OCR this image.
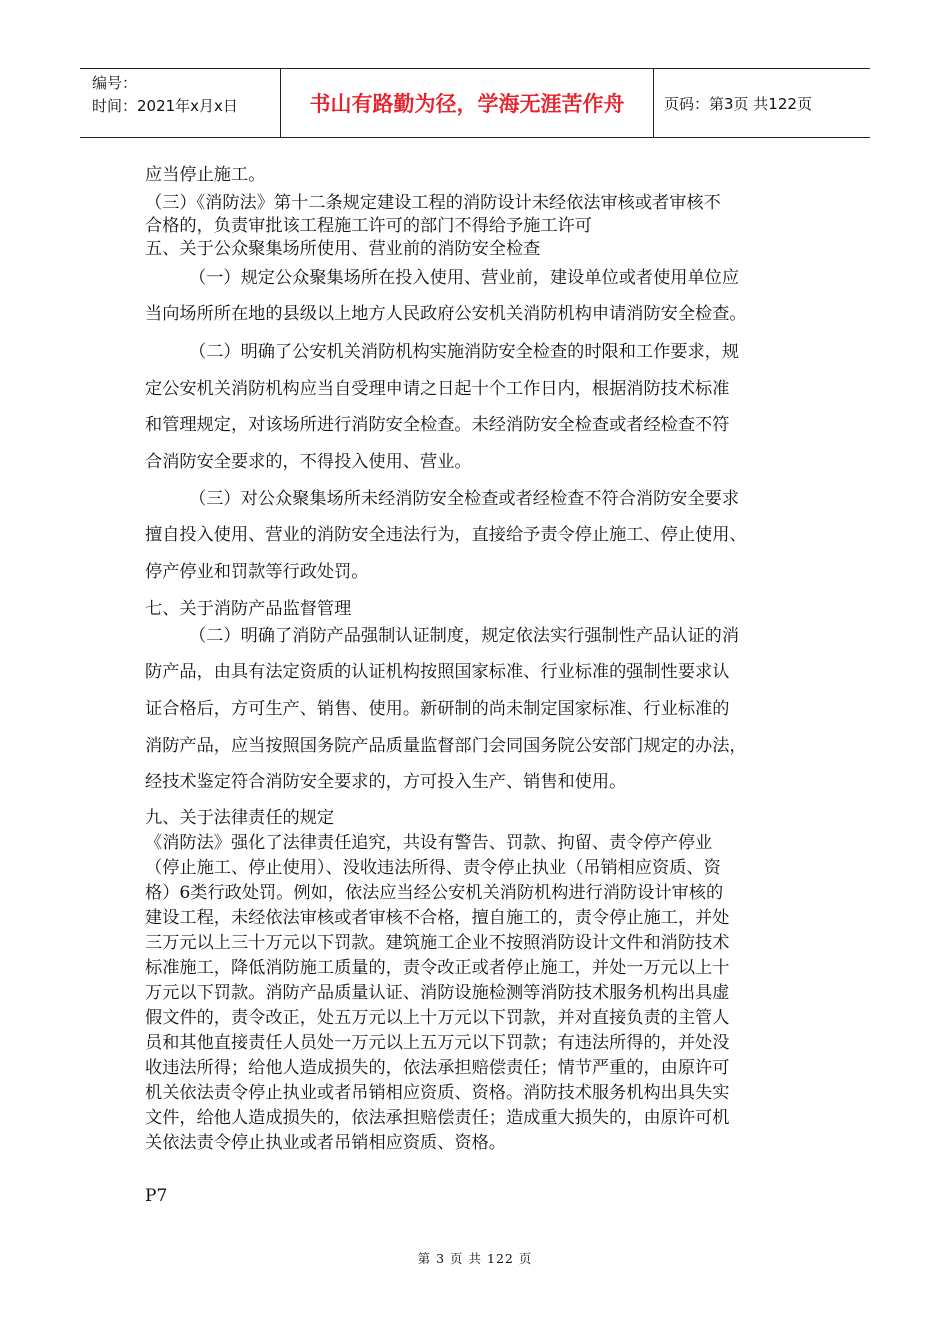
编号：
时间：2021年x月x日	书山有路勤为径，学海无涯苦作舟	页码：第3页 共122页
应当停止施工。
（三）《消防法》第十二条规定建设工程的消防设计未经依法审核或者审核不
合格的，负责审批该工程施工许可的部门不得给予施工许可
五、关于公众聚集场所使用、营业前的消防安全检查
（一）规定公众聚集场所在投入使用、营业前，建设单位或者使用单位应
当向场所所在地的县级以上地方人民政府公安机关消防机构申请消防安全检查。
（二）明确了公安机关消防机构实施消防安全检查的时限和工作要求，规
定公安机关消防机构应当自受理申请之日起十个工作日内，根据消防技术标准
和管理规定，对该场所进行消防安全检查。未经消防安全检查或者经检查不符
合消防安全要求的，不得投入使用、营业。
（三）对公众聚集场所未经消防安全检查或者经检查不符合消防安全要求
擅自投入使用、营业的消防安全违法行为，直接给予责令停止施工、停止使用、
停产停业和罚款等行政处罚。
七、关于消防产品监督管理
（二）明确了消防产品强制认证制度，规定依法实行强制性产品认证的消
防产品，由具有法定资质的认证机构按照国家标准、行业标准的强制性要求认
证合格后，方可生产、销售、使用。新研制的尚未制定国家标准、行业标准的
消防产品，应当按照国务院产品质量监督部门会同国务院公安部门规定的办法，
经技术鉴定符合消防安全要求的，方可投入生产、销售和使用。
九、关于法律责任的规定
《消防法》强化了法律责任追究，共设有警告、罚款、拘留、责令停产停业
（停止施工、停止使用）、没收违法所得、责令停止执业（吊销相应资质、资
格）6类行政处罚。例如，依法应当经公安机关消防机构进行消防设计审核的
建设工程，未经依法审核或者审核不合格，擅自施工的，责令停止施工，并处
三万元以上三十万元以下罚款。建筑施工企业不按照消防设计文件和消防技术
标准施工，降低消防施工质量的，责令改正或者停止施工，并处一万元以上十
万元以下罚款。消防产品质量认证、消防设施检测等消防技术服务机构出具虚
假文件的，责令改正，处五万元以上十万元以下罚款，并对直接负责的主管人
员和其他直接责任人员处一万元以上五万元以下罚款；有违法所得的，并处没
收违法所得；给他人造成损失的，依法承担赔偿责任；情节严重的，由原许可
机关依法责令停止执业或者吊销相应资质、资格。消防技术服务机构出具失实
文件，给他人造成损失的，依法承担赔偿责任；造成重大损失的，由原许可机
关依法责令停止执业或者吊销相应资质、资格。
P7
第 3 页 共 122 页
